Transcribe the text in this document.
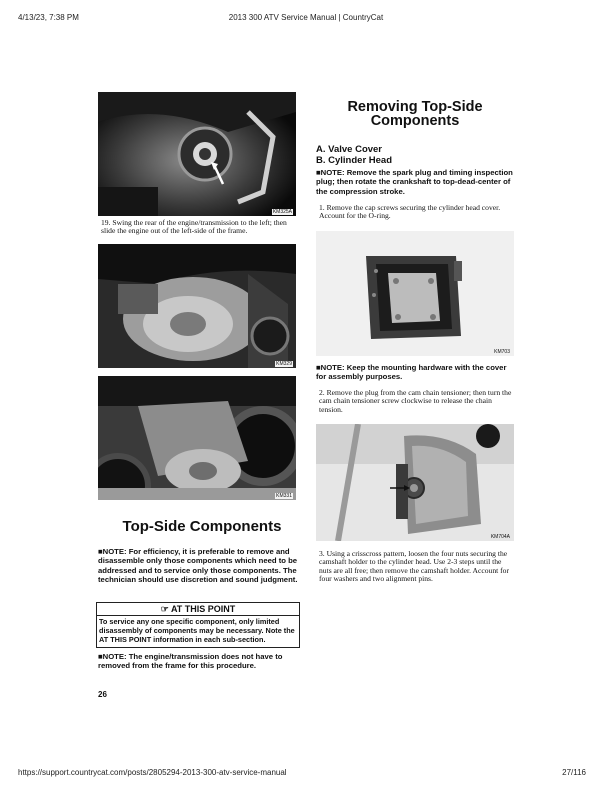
4/13/23, 7:38 PM	2013 300 ATV Service Manual | CountryCat
KM325A
19. Swing the rear of the engine/transmission to the left; then slide the engine out of the left-side of the frame.
KM329
KM331
Top-Side Components
■NOTE: For efficiency, it is preferable to remove and disassemble only those components which need to be addressed and to service only those components. The technician should use discretion and sound judgment.
☞ AT THIS POINT
To service any one specific component, only limited disassembly of components may be necessary. Note the AT THIS POINT information in each sub-section.
■NOTE: The engine/transmission does not have to removed from the frame for this procedure.
26
Removing Top-Side
Components
A. Valve Cover
B. Cylinder Head
■NOTE: Remove the spark plug and timing inspection plug; then rotate the crankshaft to top-dead-center of the compression stroke.
1. Remove the cap screws securing the cylinder head cover. Account for the O-ring.
KM703
■NOTE: Keep the mounting hardware with the cover for assembly purposes.
2. Remove the plug from the cam chain tensioner; then turn the cam chain tensioner screw clockwise to release the chain tension.
KM704A
3. Using a crisscross pattern, loosen the four nuts securing the camshaft holder to the cylinder head. Use 2-3 steps until the nuts are all free; then remove the camshaft holder. Account for four washers and two alignment pins.
https://support.countrycat.com/posts/2805294-2013-300-atv-service-manual	27/116
